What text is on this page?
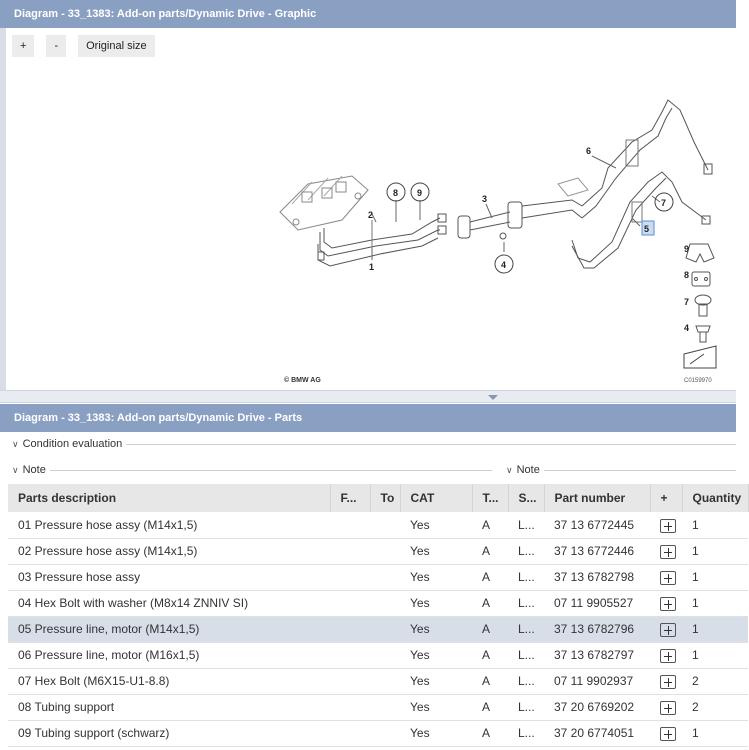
Diagram - 33_1383: Add-on parts/Dynamic Drive - Graphic
+	-	Original size
1
2
3
4
5
6
7
8 9
9
8
7
4
© BMW AG	C0159970
Diagram - 33_1383: Add-on parts/Dynamic Drive - Parts
∨ Condition evaluation
∨ Note	∨ Note
Parts description	F...	To	CAT	T...	S...	Part number	+	Quantity
01 Pressure hose assy (M14x1,5)			Yes	A	L...	37 13 6772445		1
02 Pressure hose assy (M14x1,5)			Yes	A	L...	37 13 6772446		1
03 Pressure hose assy			Yes	A	L...	37 13 6782798		1
04 Hex Bolt with washer (M8x14 ZNNIV SI)			Yes	A	L...	07 11 9905527		1
05 Pressure line, motor (M14x1,5)			Yes	A	L...	37 13 6782796		1
06 Pressure line, motor (M16x1,5)			Yes	A	L...	37 13 6782797		1
07 Hex Bolt (M6X15-U1-8.8)			Yes	A	L...	07 11 9902937		2
08 Tubing support			Yes	A	L...	37 20 6769202		2
09 Tubing support (schwarz)			Yes	A	L...	37 20 6774051		1
